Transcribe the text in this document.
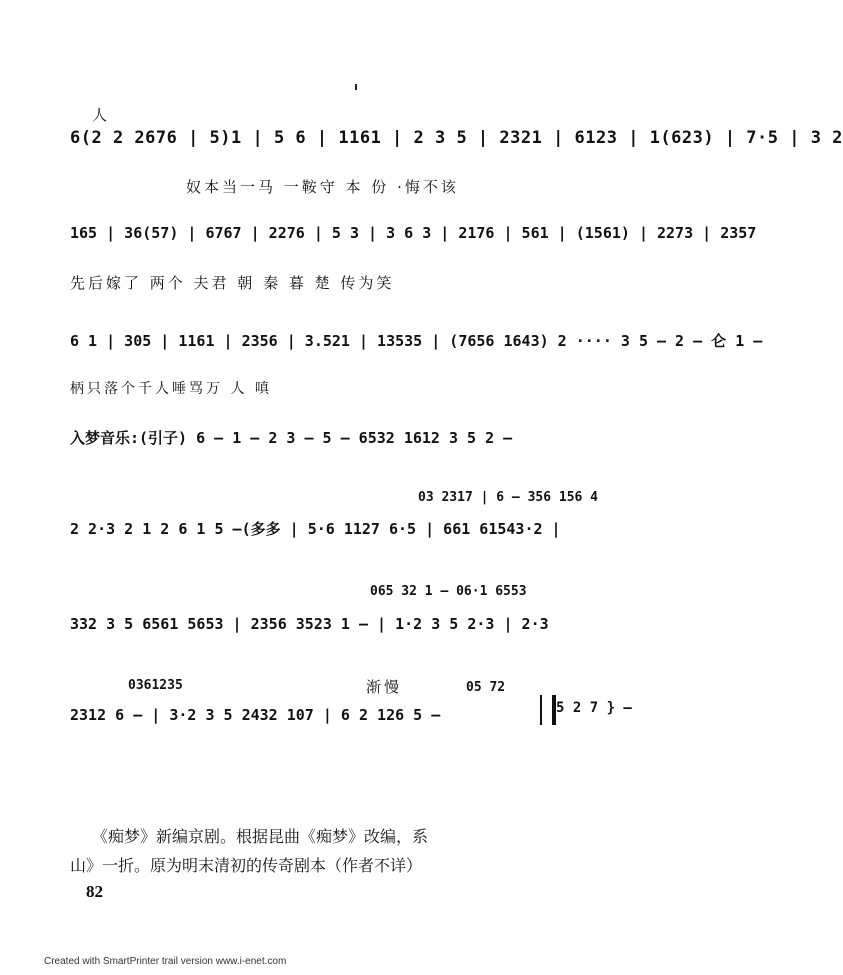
人
6(2 2 2676 | 5)1 | 5 6 | 1161 | 2 3 5 | 2321 | 6123 | 1(623) | 7·5 | 3 2
奴本当一马 一鞍守 本 份 ·悔不该
165 | 36(57) | 6767 | 2276 | 5 3 | 3 6 3 | 2176 | 561 | (1561) | 2273 | 2357
先后嫁了 两个 夫君 朝 秦 暮 楚 传为笑
6 1 | 305 | 1161 | 2356 | 3.521 | 13535 | (7656 1643) 2 ···· 3 5 — 2 — 仑 1 —
柄只落个千人唾骂万 人 嗔
入梦音乐:(引子) 6 — 1 — 2 3 — 5 — 6532 1612 3 5 2 —
03 2317 | 6 — 356 156 4
2 2·3 2 1 2 6 1 5 —(多多 | 5·6 1127 6·5 | 661 61543·2 |
065 32 1 — 06·1 6553
332 3 5 6561 5653 | 2356 3523 1 — | 1·2 3 5 2·3 | 2·3
0361235	渐慢	05 72
2312 6 — | 3·2 3 5 2432 107 | 6 2 126 5 —	5 2 7 } —
《痴梦》新编京剧。根据昆曲《痴梦》改编，系
山》一折。原为明末清初的传奇剧本（作者不详）
82
Created with SmartPrinter trail version www.i-enet.com
